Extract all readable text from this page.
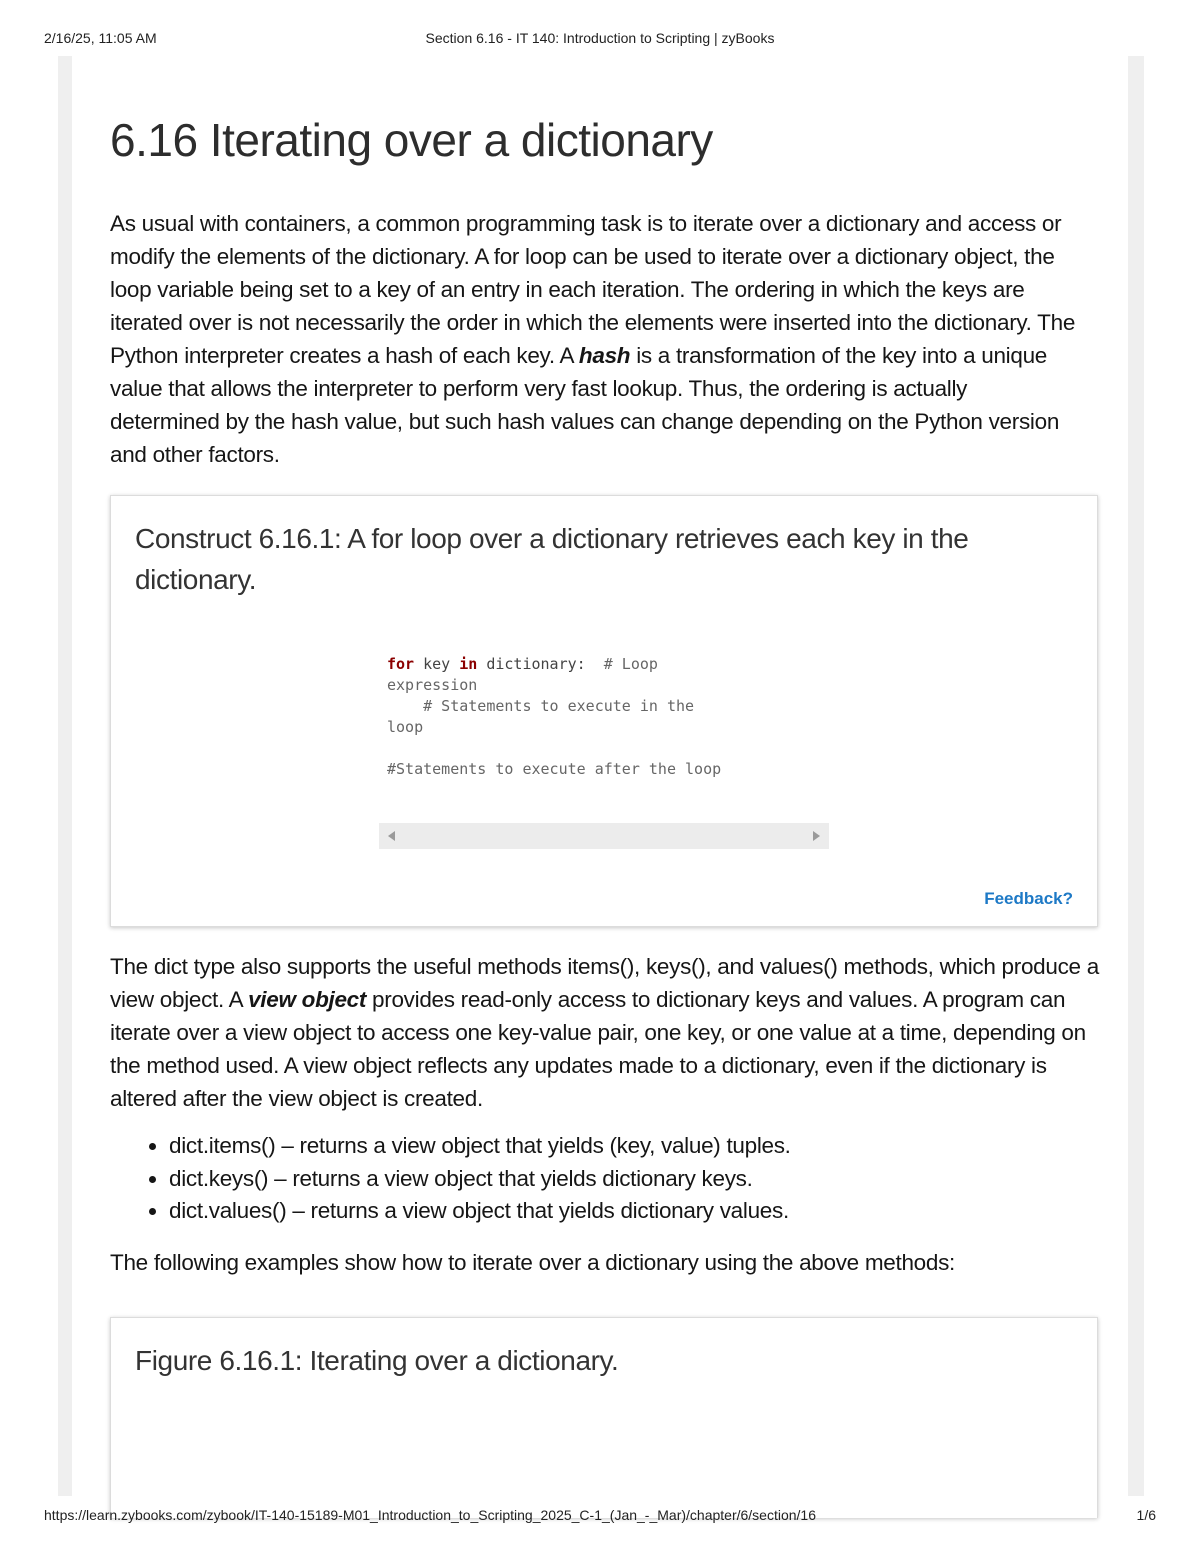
2/16/25, 11:05 AM	Section 6.16 - IT 140: Introduction to Scripting | zyBooks
6.16 Iterating over a dictionary

As usual with containers, a common programming task is to iterate over a dictionary and access or modify the elements of the dictionary. A for loop can be used to iterate over a dictionary object, the loop variable being set to a key of an entry in each iteration. The ordering in which the keys are iterated over is not necessarily the order in which the elements were inserted into the dictionary. The Python interpreter creates a hash of each key. A hash is a transformation of the key into a unique value that allows the interpreter to perform very fast lookup. Thus, the ordering is actually determined by the hash value, but such hash values can change depending on the Python version and other factors.

Construct 6.16.1: A for loop over a dictionary retrieves each key in the dictionary.
for key in dictionary:  # Loop
expression
# Statements to execute in the
loop
#Statements to execute after the loop
Feedback?

The dict type also supports the useful methods items(), keys(), and values() methods, which produce a view object. A view object provides read-only access to dictionary keys and values. A program can iterate over a view object to access one key-value pair, one key, or one value at a time, depending on the method used. A view object reflects any updates made to a dictionary, even if the dictionary is altered after the view object is created.

• dict.items() – returns a view object that yields (key, value) tuples.
• dict.keys() – returns a view object that yields dictionary keys.
• dict.values() – returns a view object that yields dictionary values.

The following examples show how to iterate over a dictionary using the above methods:

Figure 6.16.1: Iterating over a dictionary.
https://learn.zybooks.com/zybook/IT-140-15189-M01_Introduction_to_Scripting_2025_C-1_(Jan_-_Mar)/chapter/6/section/16	1/6
